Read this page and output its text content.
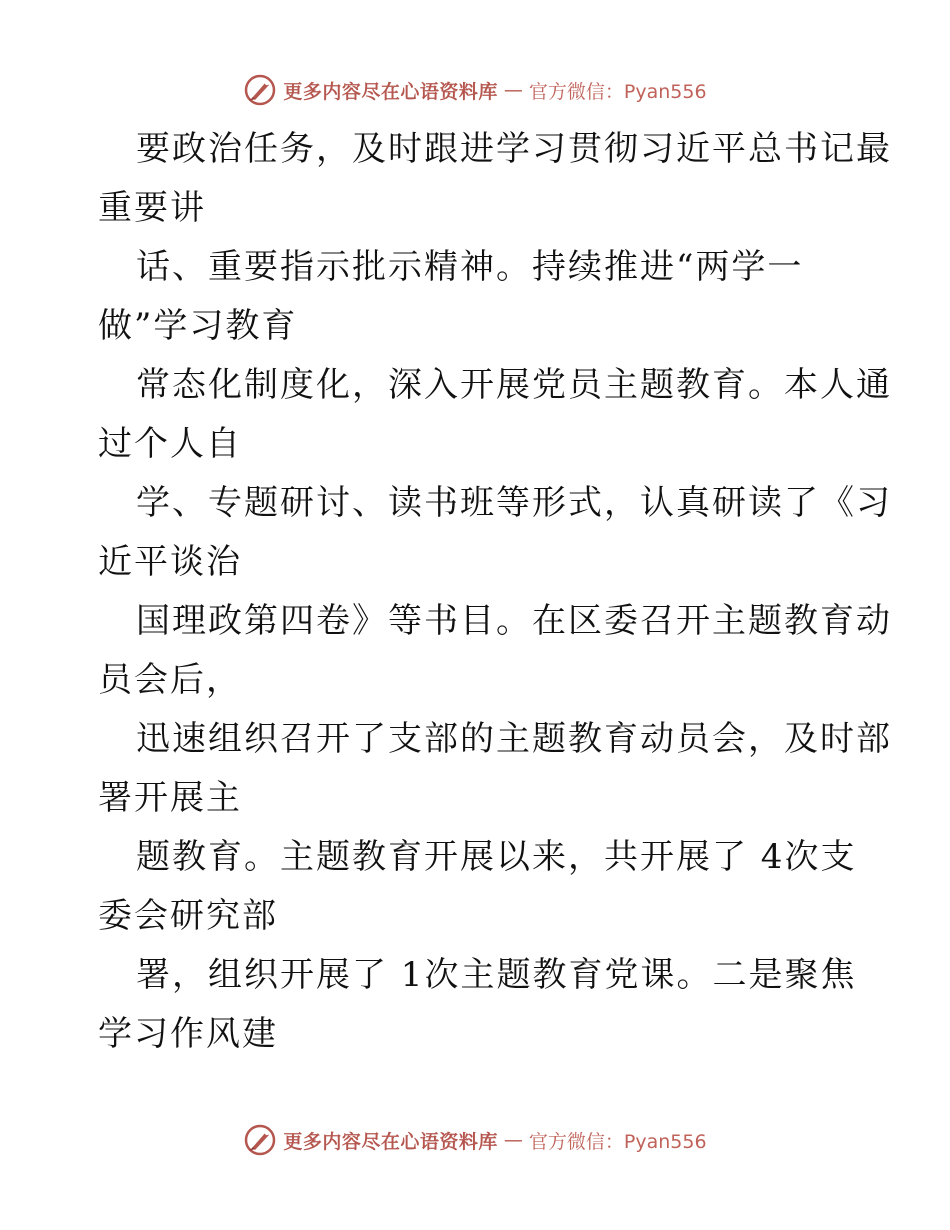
更多内容尽在心语资料库 — 官方微信：Pyan556
要政治任务，及时跟进学习贯彻习近平总书记最
重要讲
话、重要指示批示精神。持续推进“两学一
做”学习教育
常态化制度化，深入开展党员主题教育。本人通
过个人自
学、专题研讨、读书班等形式，认真研读了《习
近平谈治
国理政第四卷》等书目。在区委召开主题教育动
员会后，
迅速组织召开了支部的主题教育动员会，及时部
署开展主
题教育。主题教育开展以来，共开展了 4次支
委会研究部
署，组织开展了 1次主题教育党课。二是聚焦
学习作风建
更多内容尽在心语资料库 — 官方微信：Pyan556
